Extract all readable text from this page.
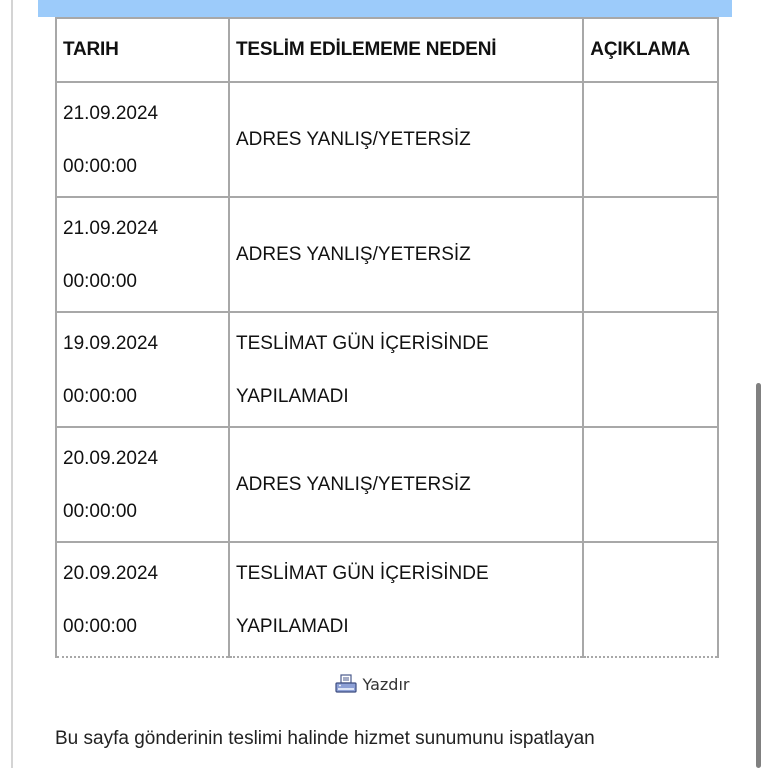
TARIH	TESLİM EDİLEMEME NEDENİ	AÇIKLAMA

21.09.2024
00:00:00	ADRES YANLIŞ/YETERSİZ	

21.09.2024
00:00:00	ADRES YANLIŞ/YETERSİZ	

19.09.2024
00:00:00	TESLİMAT GÜN İÇERİSİNDE
YAPILAMADI	

20.09.2024
00:00:00	ADRES YANLIŞ/YETERSİZ	

20.09.2024
00:00:00	TESLİMAT GÜN İÇERİSİNDE
YAPILAMADI	

Yazdır
Bu sayfa gönderinin teslimi halinde hizmet sunumunu ispatlayan
